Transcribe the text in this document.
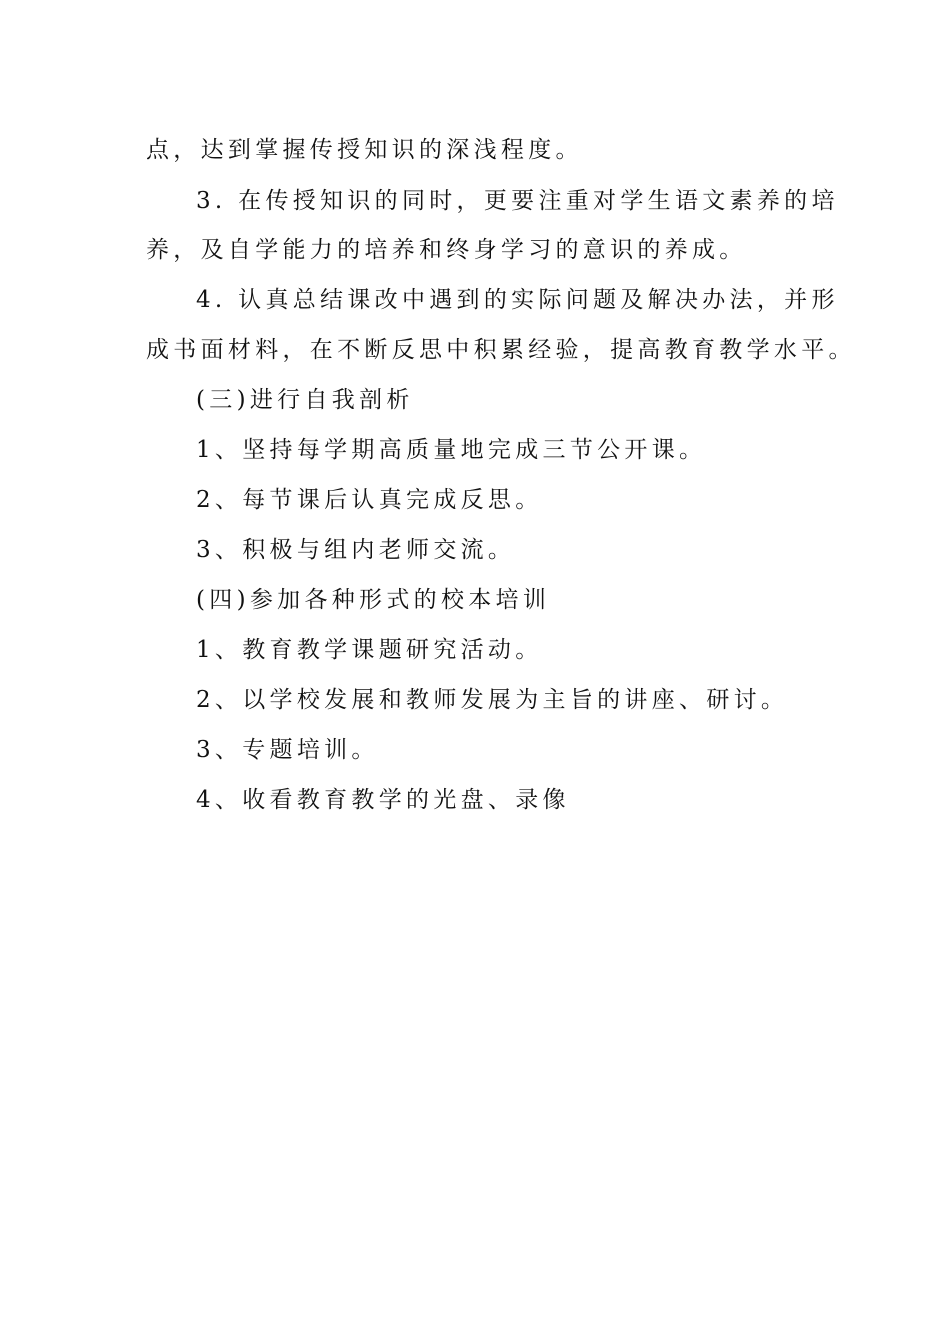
点，达到掌握传授知识的深浅程度。
3. 在传授知识的同时，更要注重对学生语文素养的培
养，及自学能力的培养和终身学习的意识的养成。
4. 认真总结课改中遇到的实际问题及解决办法，并形
成书面材料，在不断反思中积累经验，提高教育教学水平。
(三)进行自我剖析
1、坚持每学期高质量地完成三节公开课。
2、每节课后认真完成反思。
3、积极与组内老师交流。
(四)参加各种形式的校本培训
1、教育教学课题研究活动。
2、以学校发展和教师发展为主旨的讲座、研讨。
3、专题培训。
4、收看教育教学的光盘、录像
